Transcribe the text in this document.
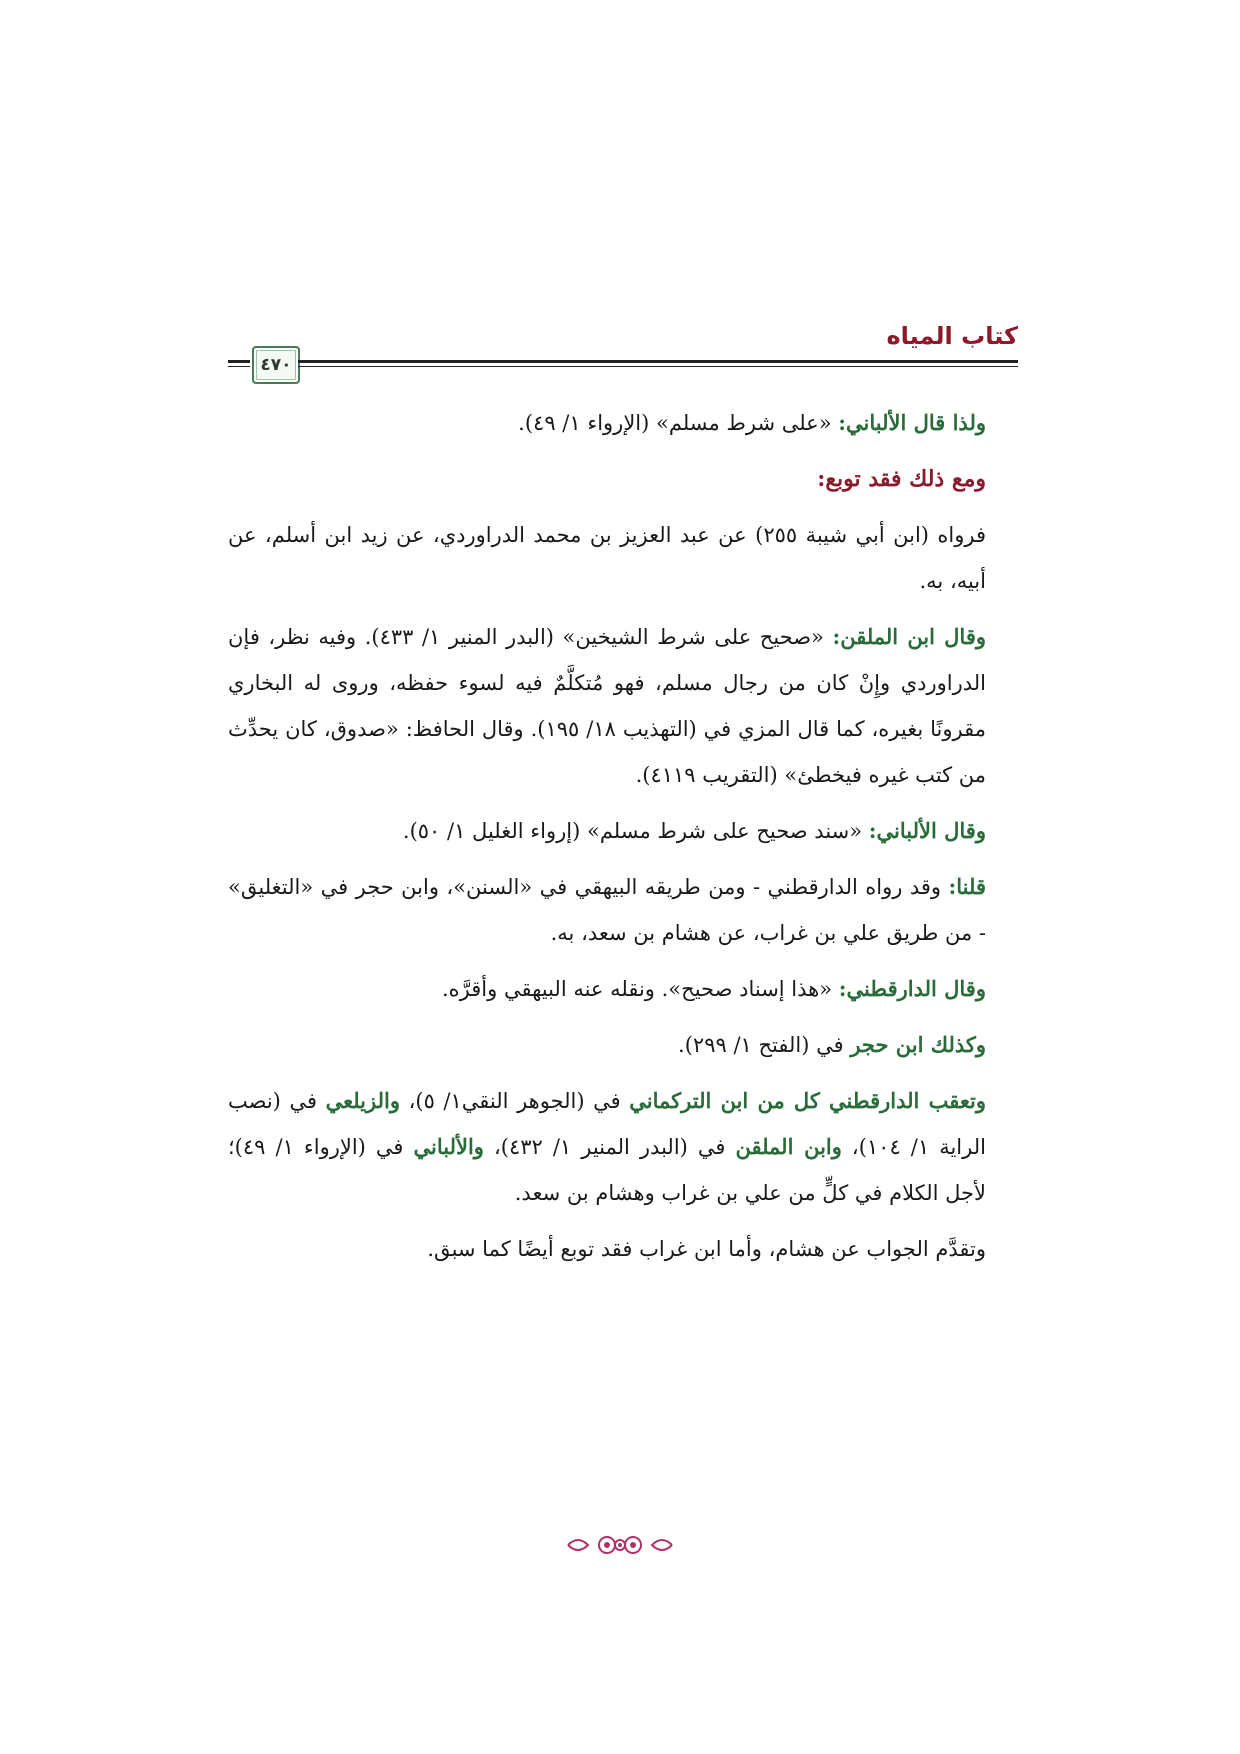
كتاب المياه
٤٧٠

ولذا قال الألباني: «على شرط مسلم» (الإرواء ١/ ٤٩).

ومع ذلك فقد توبع:

فرواه (ابن أبي شيبة ٢٥٥) عن عبد العزيز بن محمد الدراوردي، عن زيد ابن أسلم، عن أبيه، به.

وقال ابن الملقن: «صحيح على شرط الشيخين» (البدر المنير ١/ ٤٣٣). وفيه نظر، فإن الدراوردي وإِنْ كان من رجال مسلم، فهو مُتكلَّمٌ فيه لسوء حفظه، وروى له البخاري مقرونًا بغيره، كما قال المزي في (التهذيب ١٨/ ١٩٥). وقال الحافظ: «صدوق، كان يحدِّث من كتب غيره فيخطئ» (التقريب ٤١١٩).

وقال الألباني: «سند صحيح على شرط مسلم» (إرواء الغليل ١/ ٥٠).

قلنا: وقد رواه الدارقطني - ومن طريقه البيهقي في «السنن»، وابن حجر في «التغليق» - من طريق علي بن غراب، عن هشام بن سعد، به.

وقال الدارقطني: «هذا إسناد صحيح». ونقله عنه البيهقي وأقرَّه.

وكذلك ابن حجر في (الفتح ١/ ٢٩٩).

وتعقب الدارقطني كل من ابن التركماني في (الجوهر النقي١/ ٥)، والزيلعي في (نصب الراية ١/ ١٠٤)، وابن الملقن في (البدر المنير ١/ ٤٣٢)، والألباني في (الإرواء ١/ ٤٩)؛ لأجل الكلام في كلٍّ من علي بن غراب وهشام بن سعد.

وتقدَّم الجواب عن هشام، وأما ابن غراب فقد توبع أيضًا كما سبق.
